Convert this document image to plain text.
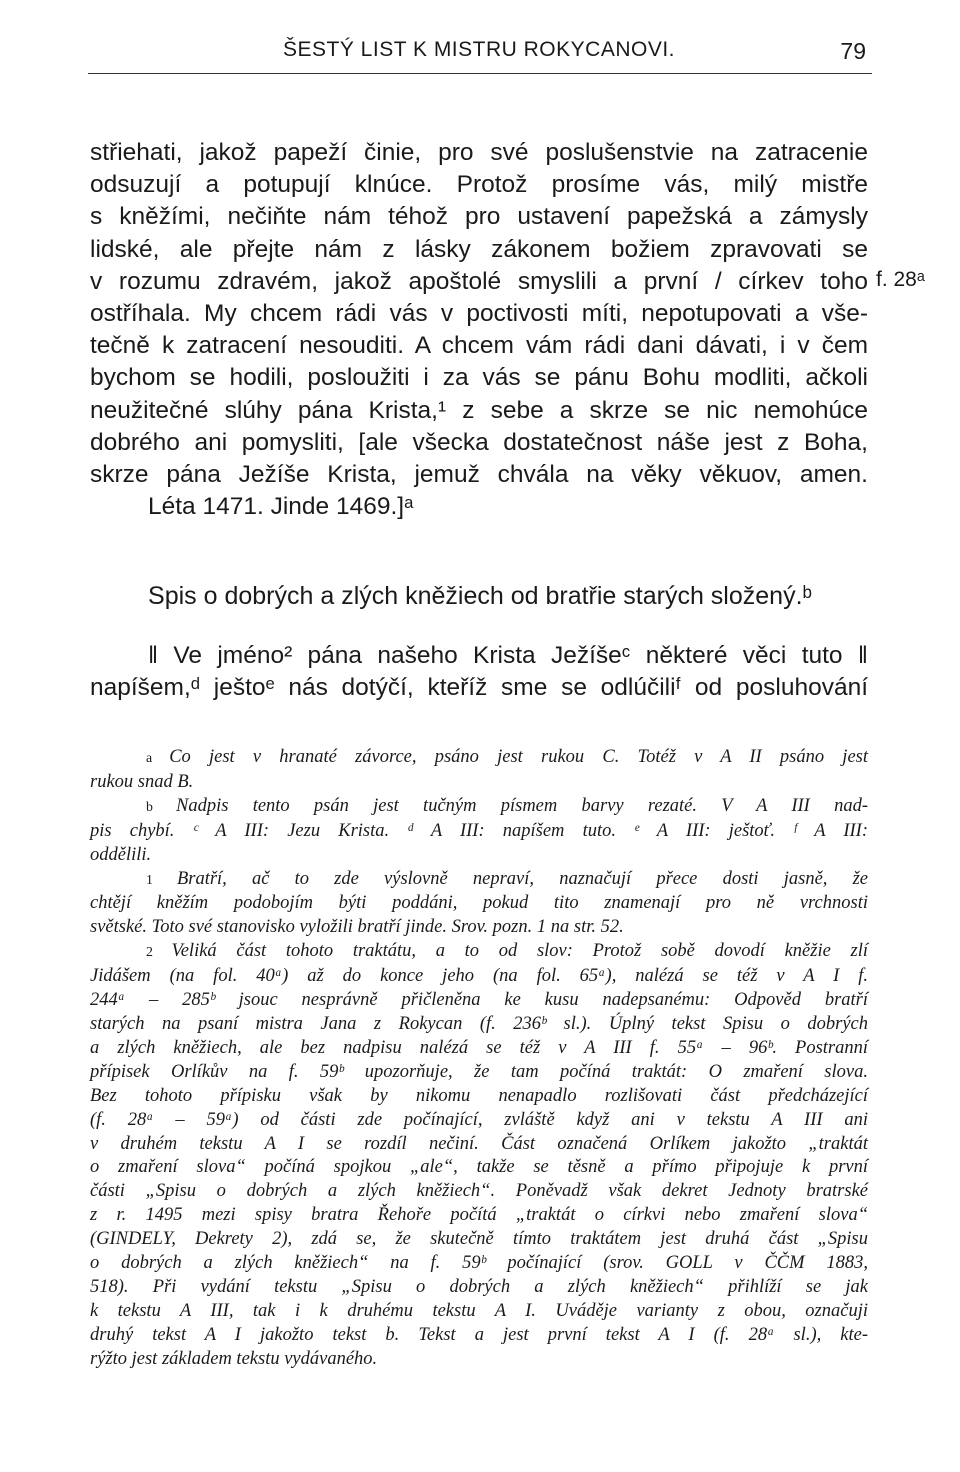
ŠESTÝ LIST K MISTRU ROKYCANOVI.	79
f. 28ᵃ
střiehati, jakož papeží činie, pro své poslušenstvie na zatracenie
odsuzují a potupují klnúce. Protož prosíme vás, milý mistře
s kněžími, nečiňte nám téhož pro ustavení papežská a zámysly
lidské, ale přejte nám z lásky zákonem božiem zpravovati se
v rozumu zdravém, jakož apoštolé smyslili a první / církev toho
ostříhala. My chcem rádi vás v poctivosti míti, nepotupovati a vše-
tečně k zatracení nesouditi. A chcem vám rádi dani dávati, i v čem
bychom se hodili, posloužiti i za vás se pánu Bohu modliti, ačkoli
neužitečné slúhy pána Krista,¹ z sebe a skrze se nic nemohúce
dobrého ani pomysliti, [ale všecka dostatečnost náše jest z Boha,
skrze pána Ježíše Krista, jemuž chvála na věky věkuov, amen.
Léta 1471. Jinde 1469.]ᵃ
Spis o dobrých a zlých kněžiech od bratřie starých složený.ᵇ
‖ Ve jméno² pána našeho Krista Ježíšeᶜ některé věci tuto ‖
napíšem,ᵈ ještoᵉ nás dotýčí, kteříž sme se odlúčiliᶠ od posluhování
a Co jest v hranaté závorce, psáno jest rukou C. Totéž v A II psáno jest
rukou snad B.
b Nadpis tento psán jest tučným písmem barvy rezaté. V A III nad-
pis chybí. ᶜ A III: Jezu Krista. ᵈ A III: napíšem tuto. ᵉ A III: ještoť. ᶠ A III:
oddělili.
1 Bratří, ač to zde výslovně nepraví, naznačují přece dosti jasně, že
chtějí kněžím podobojím býti poddáni, pokud tito znamenají pro ně vrchnosti
světské. Toto své stanovisko vyložili bratří jinde. Srov. pozn. 1 na str. 52.
2 Veliká část tohoto traktátu, a to od slov: Protož sobě dovodí kněžie zlí
Jidášem (na fol. 40ᵃ) až do konce jeho (na fol. 65ᵃ), nalézá se též v A I f.
244ᵃ – 285ᵇ jsouc nesprávně přičleněna ke kusu nadepsanému: Odpověd bratří
starých na psaní mistra Jana z Rokycan (f. 236ᵇ sl.). Úplný tekst Spisu o dobrých
a zlých kněžiech, ale bez nadpisu nalézá se též v A III f. 55ᵃ – 96ᵇ. Postranní
přípisek Orlíkův na f. 59ᵇ upozorňuje, že tam počíná traktát: O zmaření slova.
Bez tohoto přípisku však by nikomu nenapadlo rozlišovati část předcházející
(f. 28ᵃ – 59ᵃ) od části zde počínající, zvláště když ani v tekstu A III ani
v druhém tekstu A I se rozdíl nečiní. Část označená Orlíkem jakožto „traktát
o zmaření slova“ počíná spojkou „ale“, takže se těsně a přímo připojuje k první
části „Spisu o dobrých a zlých kněžiech“. Poněvadž však dekret Jednoty bratrské
z r. 1495 mezi spisy bratra Řehoře počítá „traktát o církvi nebo zmaření slova“
(GINDELY, Dekrety 2), zdá se, že skutečně tímto traktátem jest druhá část „Spisu
o dobrých a zlých kněžiech“ na f. 59ᵇ počínající (srov. GOLL v ČČM 1883,
518). Při vydání tekstu „Spisu o dobrých a zlých kněžiech“ přihlíží se jak
k tekstu A III, tak i k druhému tekstu A I. Uváděje varianty z obou, označuji
druhý tekst A I jakožto tekst b. Tekst a jest první tekst A I (f. 28ᵃ sl.), kte-
rýžto jest základem tekstu vydávaného.
